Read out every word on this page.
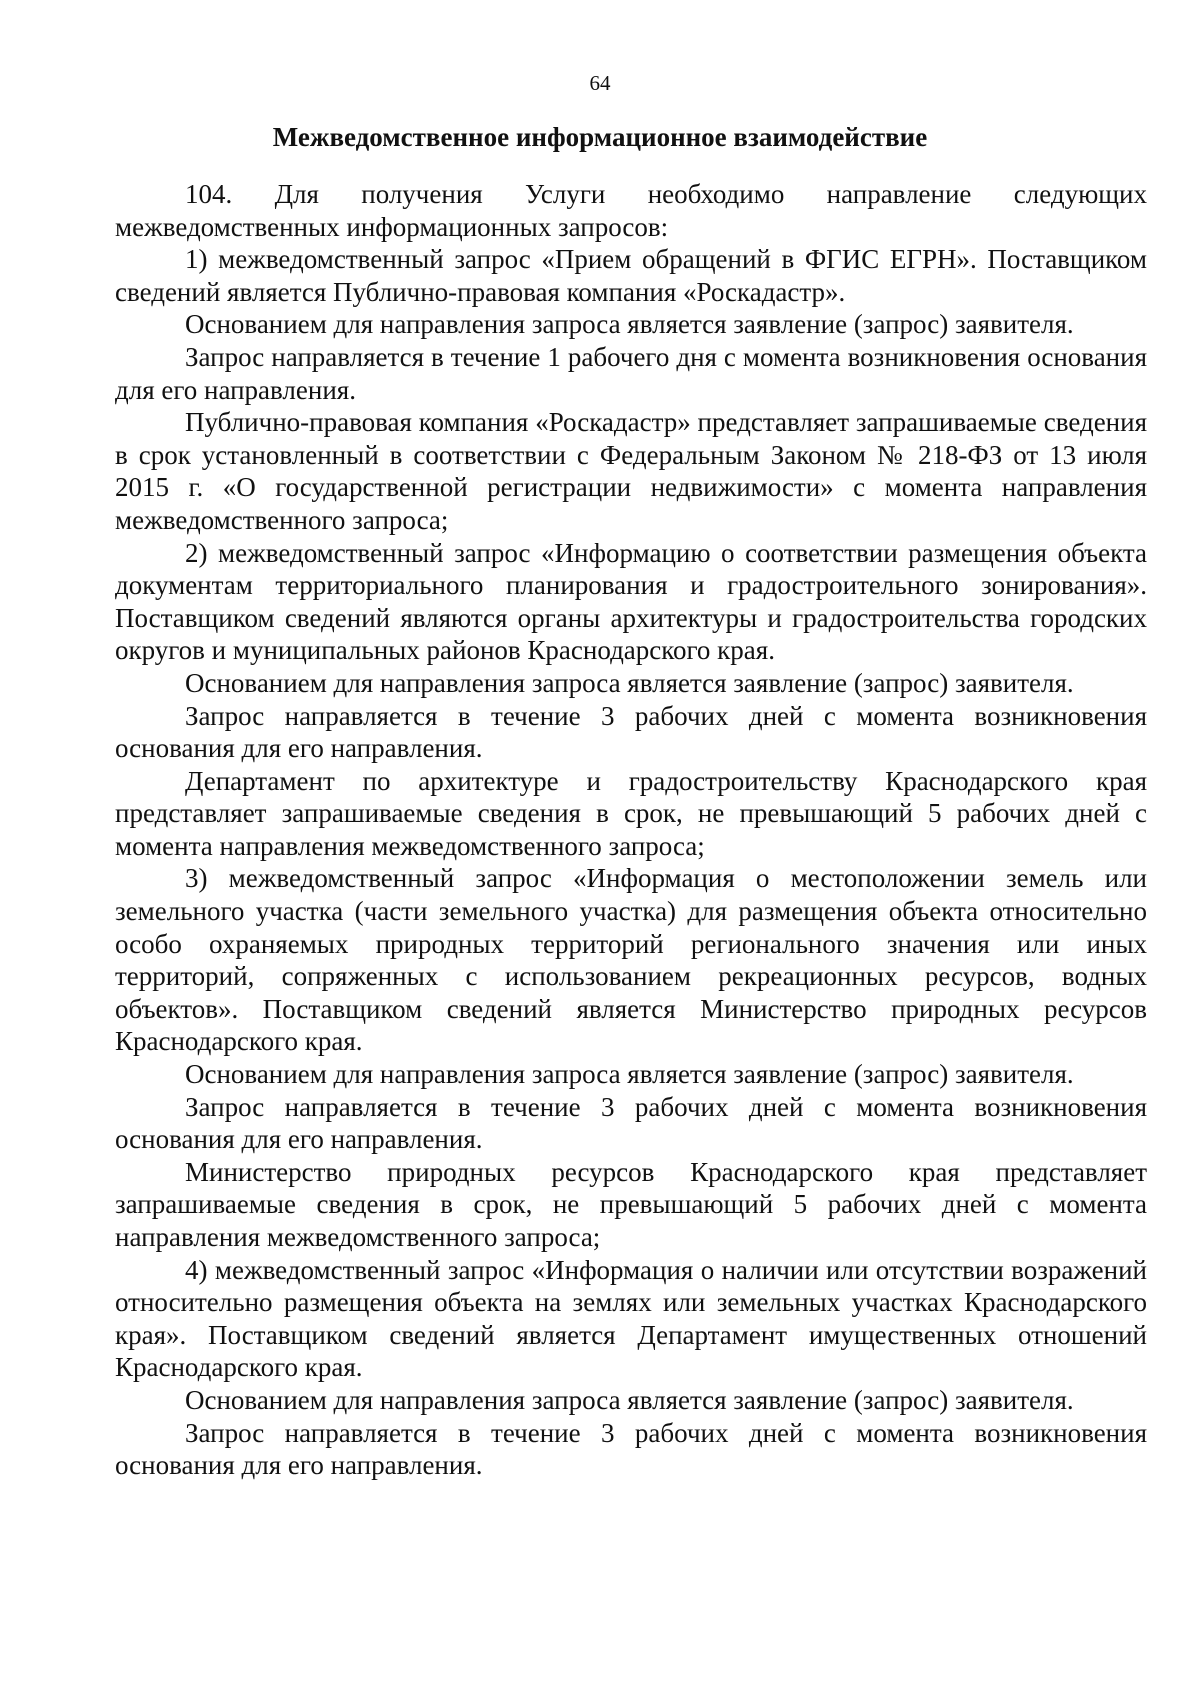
64
Межведомственное информационное взаимодействие

104. Для получения Услуги необходимо направление следующих межведомственных информационных запросов:

1) межведомственный запрос «Прием обращений в ФГИС ЕГРН». Поставщиком сведений является Публично-правовая компания «Роскадастр».

Основанием для направления запроса является заявление (запрос) заявителя.

Запрос направляется в течение 1 рабочего дня с момента возникновения основания для его направления.

Публично-правовая компания «Роскадастр» представляет запрашиваемые сведения в срок установленный в соответствии с Федеральным Законом № 218-ФЗ от 13 июля 2015 г. «О государственной регистрации недвижимости» с момента направления межведомственного запроса;

2) межведомственный запрос «Информацию о соответствии размещения объекта документам территориального планирования и градостроительного зонирования». Поставщиком сведений являются органы архитектуры и градостроительства городских округов и муниципальных районов Краснодарского края.

Основанием для направления запроса является заявление (запрос) заявителя.

Запрос направляется в течение 3 рабочих дней с момента возникновения основания для его направления.

Департамент по архитектуре и градостроительству Краснодарского края представляет запрашиваемые сведения в срок, не превышающий 5 рабочих дней с момента направления межведомственного запроса;

3) межведомственный запрос «Информация о местоположении земель или земельного участка (части земельного участка) для размещения объекта относительно особо охраняемых природных территорий регионального значения или иных территорий, сопряженных с использованием рекреационных ресурсов, водных объектов». Поставщиком сведений является Министерство природных ресурсов Краснодарского края.

Основанием для направления запроса является заявление (запрос) заявителя.

Запрос направляется в течение 3 рабочих дней с момента возникновения основания для его направления.

Министерство природных ресурсов Краснодарского края представляет запрашиваемые сведения в срок, не превышающий 5 рабочих дней с момента направления межведомственного запроса;

4) межведомственный запрос «Информация о наличии или отсутствии возражений относительно размещения объекта на землях или земельных участках Краснодарского края». Поставщиком сведений является Департамент имущественных отношений Краснодарского края.

Основанием для направления запроса является заявление (запрос) заявителя.

Запрос направляется в течение 3 рабочих дней с момента возникновения основания для его направления.
